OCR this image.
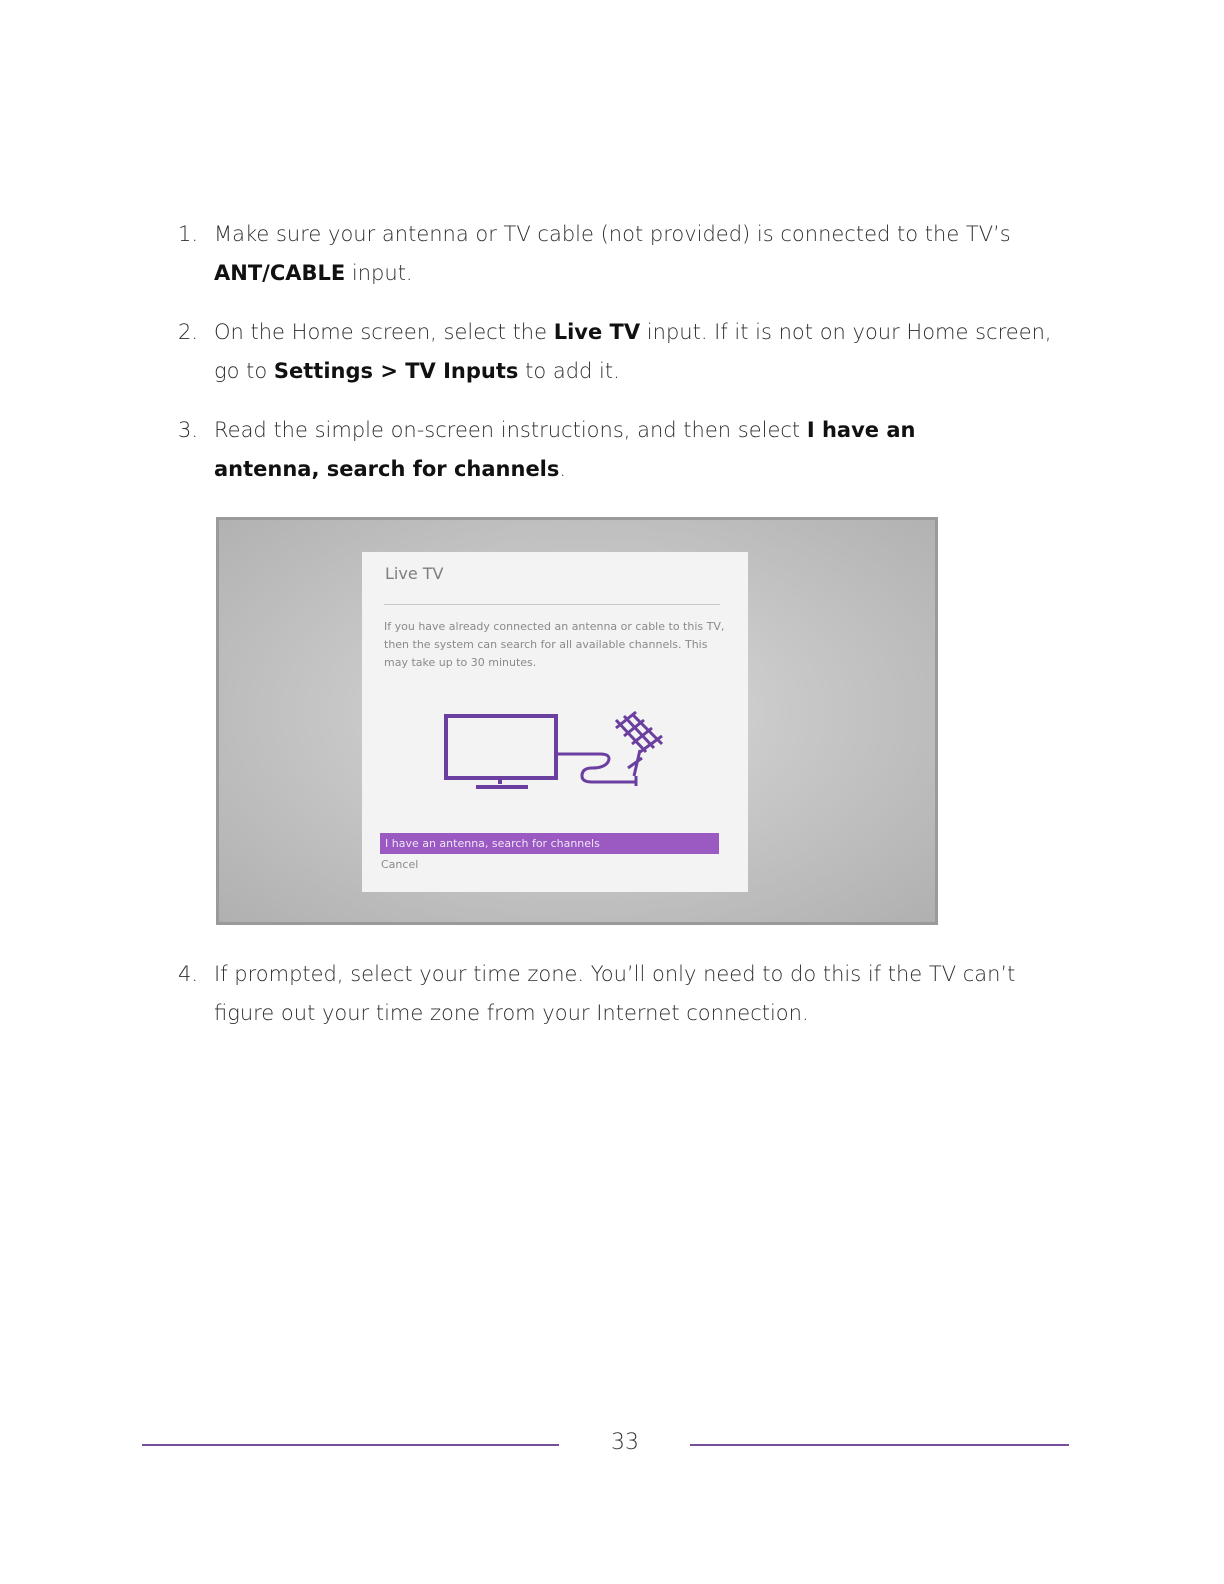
1. Make sure your antenna or TV cable (not provided) is connected to the TV’s ANT/CABLE input.
2. On the Home screen, select the Live TV input. If it is not on your Home screen, go to Settings > TV Inputs to add it.
3. Read the simple on-screen instructions, and then select I have an antenna, search for channels.
Live TV
If you have already connected an antenna or cable to this TV, then the system can search for all available channels. This may take up to 30 minutes.
I have an antenna, search for channels
Cancel
4. If prompted, select your time zone. You’ll only need to do this if the TV can’t figure out your time zone from your Internet connection.
33
